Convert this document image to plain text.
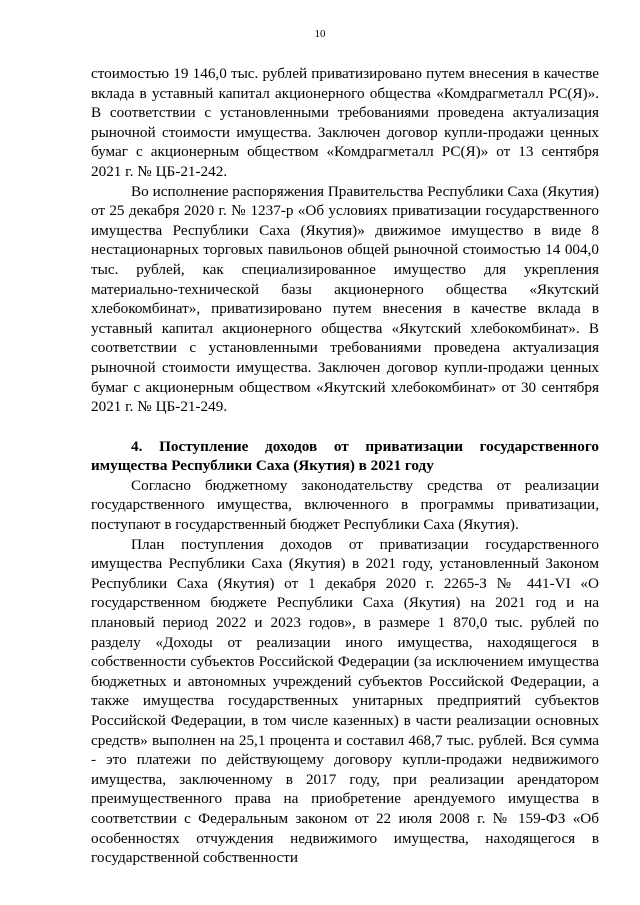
10

стоимостью 19 146,0 тыс. рублей приватизировано путем внесения в качестве вклада в уставный капитал акционерного общества «Комдрагметалл РС(Я)». В соответствии с установленными требованиями проведена актуализация рыночной стоимости имущества. Заключен договор купли-продажи ценных бумаг с акционерным обществом «Комдрагметалл РС(Я)» от 13 сентября 2021 г. № ЦБ-21-242.

Во исполнение распоряжения Правительства Республики Саха (Якутия) от 25 декабря 2020 г. № 1237-р «Об условиях приватизации государственного имущества Республики Саха (Якутия)» движимое имущество в виде 8 нестационарных торговых павильонов общей рыночной стоимостью 14 004,0 тыс. рублей, как специализированное имущество для укрепления материально-технической базы акционерного общества «Якутский хлебокомбинат», приватизировано путем внесения в качестве вклада в уставный капитал акционерного общества «Якутский хлебокомбинат». В соответствии с установленными требованиями проведена актуализация рыночной стоимости имущества. Заключен договор купли-продажи ценных бумаг с акционерным обществом «Якутский хлебокомбинат» от 30 сентября 2021 г. № ЦБ-21-249.

4. Поступление доходов от приватизации государственного имущества Республики Саха (Якутия) в 2021 году

Согласно бюджетному законодательству средства от реализации государственного имущества, включенного в программы приватизации, поступают в государственный бюджет Республики Саха (Якутия).

План поступления доходов от приватизации государственного имущества Республики Саха (Якутия) в 2021 году, установленный Законом Республики Саха (Якутия) от 1 декабря 2020 г. 2265-З № 441-VI «О государственном бюджете Республики Саха (Якутия) на 2021 год и на плановый период 2022 и 2023 годов», в размере 1 870,0 тыс. рублей по разделу «Доходы от реализации иного имущества, находящегося в собственности субъектов Российской Федерации (за исключением имущества бюджетных и автономных учреждений субъектов Российской Федерации, а также имущества государственных унитарных предприятий субъектов Российской Федерации, в том числе казенных) в части реализации основных средств» выполнен на 25,1 процента и составил 468,7 тыс. рублей. Вся сумма - это платежи по действующему договору купли-продажи недвижимого имущества, заключенному в 2017 году, при реализации арендатором преимущественного права на приобретение арендуемого имущества в соответствии с Федеральным законом от 22 июля 2008 г. № 159-ФЗ «Об особенностях отчуждения недвижимого имущества, находящегося в государственной собственности
